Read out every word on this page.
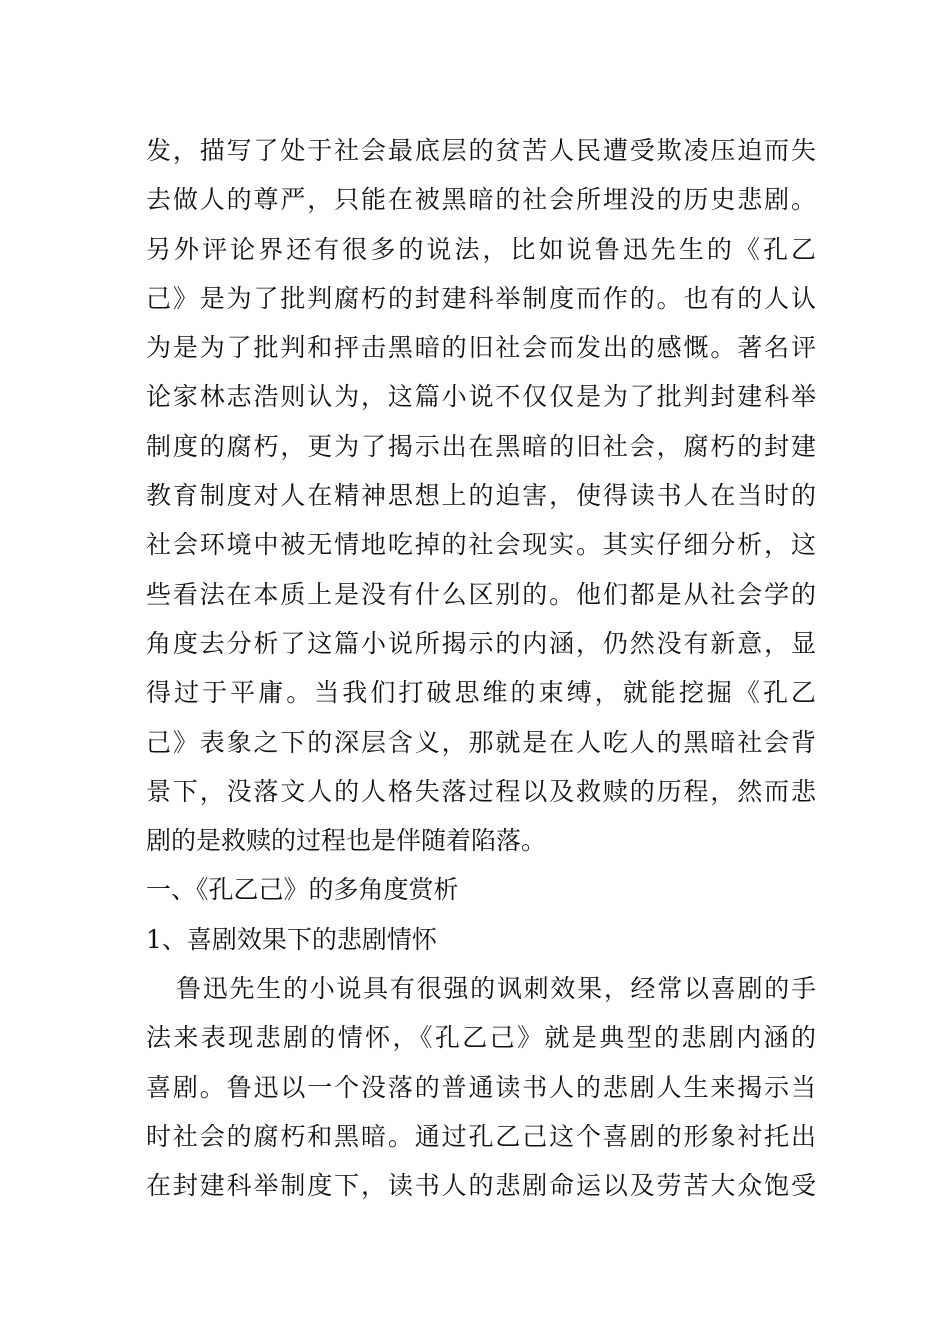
发，描写了处于社会最底层的贫苦人民遭受欺凌压迫而失
去做人的尊严，只能在被黑暗的社会所埋没的历史悲剧。
另外评论界还有很多的说法，比如说鲁迅先生的《孔乙
己》是为了批判腐朽的封建科举制度而作的。也有的人认
为是为了批判和抨击黑暗的旧社会而发出的感慨。著名评
论家林志浩则认为，这篇小说不仅仅是为了批判封建科举
制度的腐朽，更为了揭示出在黑暗的旧社会，腐朽的封建
教育制度对人在精神思想上的迫害，使得读书人在当时的
社会环境中被无情地吃掉的社会现实。其实仔细分析，这
些看法在本质上是没有什么区别的。他们都是从社会学的
角度去分析了这篇小说所揭示的内涵，仍然没有新意，显
得过于平庸。当我们打破思维的束缚，就能挖掘《孔乙
己》表象之下的深层含义，那就是在人吃人的黑暗社会背
景下，没落文人的人格失落过程以及救赎的历程，然而悲
剧的是救赎的过程也是伴随着陷落。
一、《孔乙己》的多角度赏析
1、喜剧效果下的悲剧情怀
鲁迅先生的小说具有很强的讽刺效果，经常以喜剧的手
法来表现悲剧的情怀，《孔乙己》就是典型的悲剧内涵的
喜剧。鲁迅以一个没落的普通读书人的悲剧人生来揭示当
时社会的腐朽和黑暗。通过孔乙己这个喜剧的形象衬托出
在封建科举制度下，读书人的悲剧命运以及劳苦大众饱受
